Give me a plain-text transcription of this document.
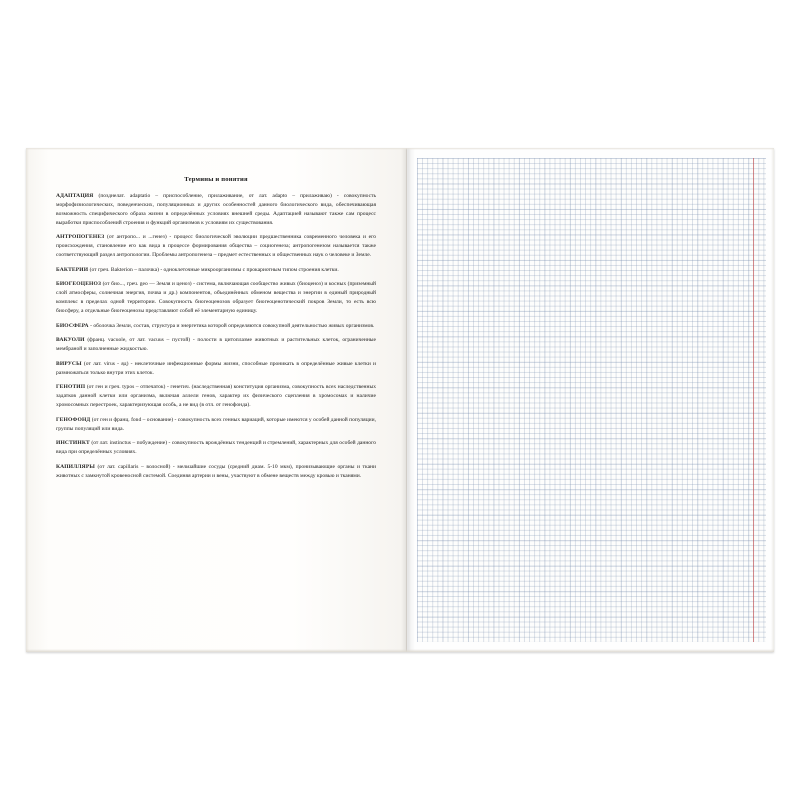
Термины и понятия
АДАПТАЦИЯ (позднелат. adaptatio – приспособление, прилаживание, от лат. adapto – прилаживаю) - совокупность морфофизиологических, поведенческих, популяционных и других особенностей данного биологического вида, обеспечивающая возможность специфического образа жизни в определённых условиях внешней среды. Адаптацией называют также сам процесс выработки приспособлений строения и функций организмов к условиям их существования.
АНТРОПОГЕНЕЗ (от антропо... и ...генез) - процесс биологической эволюции предшественника современного человека и его происхождения, становление его как вида в процессе формирования общества – социогенеза; антропогенезом называется также соответствующий раздел антропологии. Проблемы антропогенеза – предмет естественных и общественных наук о человеке и Земле.
БАКТЕРИИ (от греч. Bakterion – палочка) - одноклеточные микроорганизмы с прокариотным типом строения клетки.
БИОГЕОЦЕНОЗ (от био..., греч. geo — Земля и ценоз) - система, включающая сообщество живых (биоценоз) и косных (приземный слой атмосферы, солнечная энергия, почва и др.) компонентов, объединённых обменом вещества и энергии в единый природный комплекс в пределах одной территории. Совокупность биогеоценозов образует биогеоценотический покров Земли, то есть всю биосферу, а отдельные биогеоценозы представляют собой её элементарную единицу.
БИОСФЕРА - оболочка Земли, состав, структура и энергетика которой определяются совокупной деятельностью живых организмов.
ВАКУОЛИ (франц. vacuole, от лат. vacuus – пустой) - полости в цитоплазме животных и растительных клеток, ограниченные мембраной и заполненные жидкостью.
ВИРУСЫ (от лат. virus - яд) - неклеточные инфекционные формы жизни, способные проникать в определённые живые клетки и размножаться только внутри этих клеток.
ГЕНОТИП (от ген и греч. typos – отпечаток) - генетич. (наследственная) конституция организма, совокупность всех наследственных задатков данной клетки или организма, включая аллели генов, характер их физического сцепления в хромосомах и наличие хромосомных перестроек, характеризующая особь, а не вид (в отл. от генофонда).
ГЕНОФОНД (от ген и франц. fond – основание) - совокупность всех генных вариаций, которые имеются у особей данной популяции, группы популяций или вида.
ИНСТИНКТ (от лат. instinctus – побуждение) - совокупность врождённых тенденций и стремлений, характерных для особей данного вида при определённых условиях.
КАПИЛЛЯРЫ (от лат. capillaris – волосной) - мельчайшие сосуды (средний диам. 5-10 мкм), пронизывающие органы и ткани животных с замкнутой кровеносной системой. Соединяя артерии и вены, участвуют в обмене веществ между кровью и тканями.
